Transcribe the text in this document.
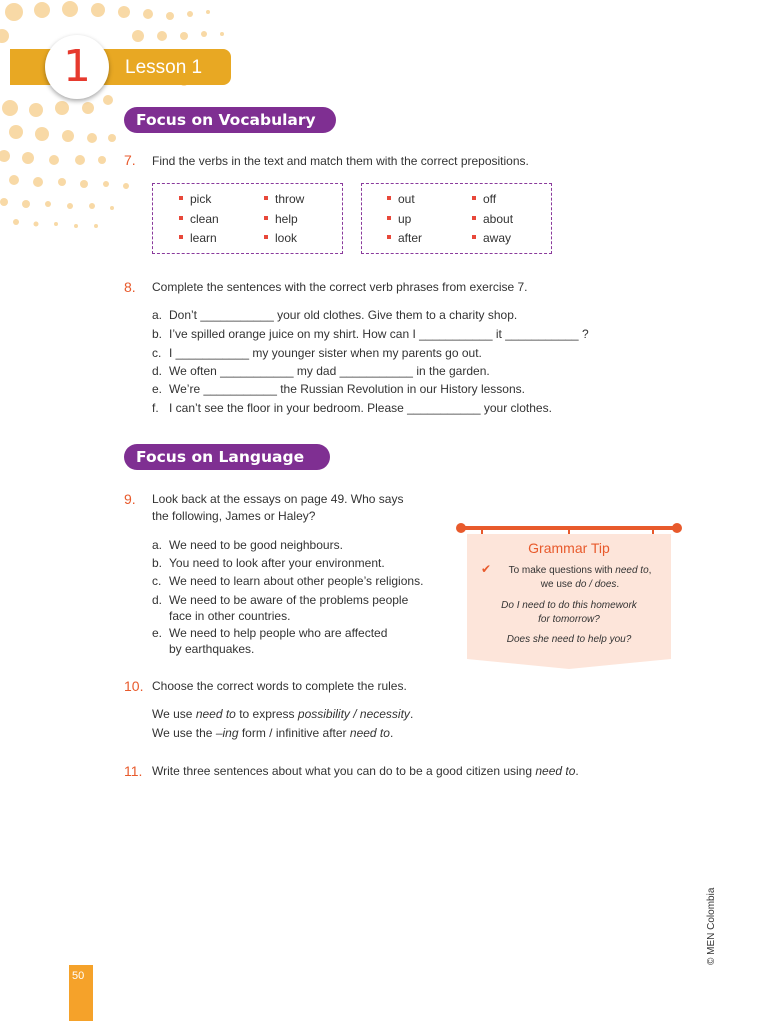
1 Lesson 1
Focus on Vocabulary
7. Find the verbs in the text and match them with the correct prepositions.
pick
clean
learn
throw
help
look
out
up
after
off
about
away
8. Complete the sentences with the correct verb phrases from exercise 7.
a. Don’t ___________ your old clothes. Give them to a charity shop.
b. I’ve spilled orange juice on my shirt. How can I ___________ it ___________ ?
c. I ___________ my younger sister when my parents go out.
d. We often ___________ my dad ___________ in the garden.
e. We’re ___________ the Russian Revolution in our History lessons.
f. I can’t see the floor in your bedroom. Please ___________ your clothes.
Focus on Language
9. Look back at the essays on page 49. Who says
the following, James or Haley?
a. We need to be good neighbours.
b. You need to look after your environment.
c. We need to learn about other people’s religions.
d. We need to be aware of the problems people
face in other countries.
e. We need to help people who are affected
by earthquakes.
10. Choose the correct words to complete the rules.
We use need to to express possibility / necessity.
We use the –ing form / infinitive after need to.
11. Write three sentences about what you can do to be a good citizen using need to.
Grammar Tip
✔	To make questions with need to,
we use do / does.
Do I need to do this homework
for tomorrow?
Does she need to help you?
50
© MEN Colombia
